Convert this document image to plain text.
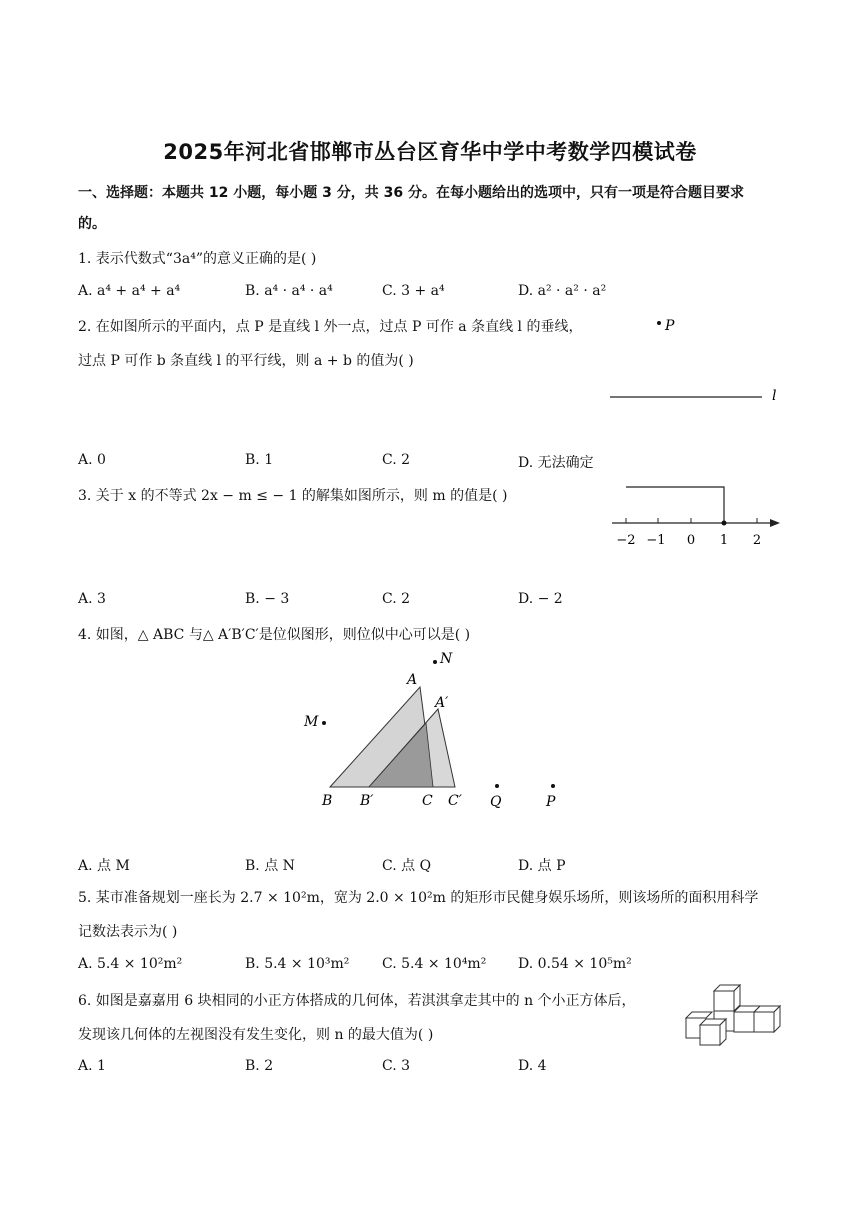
2025年河北省邯郸市丛台区育华中学中考数学四模试卷
一、选择题：本题共 12 小题，每小题 3 分，共 36 分。在每小题给出的选项中，只有一项是符合题目要求
的。
1. 表示代数式“3a⁴”的意义正确的是( )
A. a⁴ + a⁴ + a⁴	B. a⁴ · a⁴ · a⁴	C. 3 + a⁴	D. a² · a² · a²
2. 在如图所示的平面内，点 P 是直线 l 外一点，过点 P 可作 a 条直线 l 的垂线，
过点 P 可作 b 条直线 l 的平行线，则 a + b 的值为( )
P
l
A. 0	B. 1	C. 2	D. 无法确定
3. 关于 x 的不等式 2x − m ≤ − 1 的解集如图所示，则 m 的值是( )
−2 −1 0 1 2
A. 3	B. − 3	C. 2	D. − 2
4. 如图，△ ABC 与△ A′B′C′是位似图形，则位似中心可以是( )
N
A
A′
M
B B′	C C′ Q	P
A. 点 M	B. 点 N	C. 点 Q	D. 点 P
5. 某市准备规划一座长为 2.7 × 10²m，宽为 2.0 × 10²m 的矩形市民健身娱乐场所，则该场所的面积用科学
记数法表示为( )
A. 5.4 × 10²m²	B. 5.4 × 10³m² C. 5.4 × 10⁴m² D. 0.54 × 10⁵m²
6. 如图是嘉嘉用 6 块相同的小正方体搭成的几何体，若淇淇拿走其中的 n 个小正方体后，
发现该几何体的左视图没有发生变化，则 n 的最大值为( )
A. 1	B. 2	C. 3	D. 4
